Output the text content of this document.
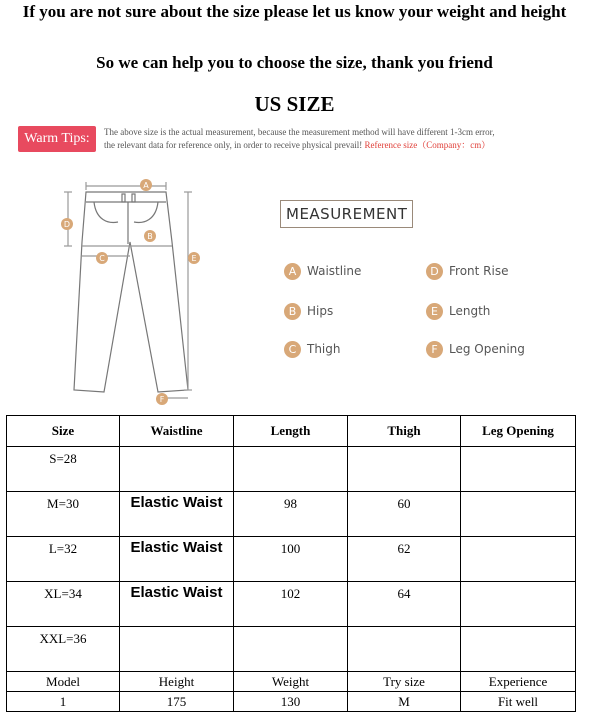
If you are not sure about the size please let us know your weight and height
So we can help you to choose the size, thank you friend
US SIZE
Warm Tips:	The above size is the actual measurement, because the measurement method will have different 1-3cm error,
the relevant data for reference only, in order to receive physical prevail! Reference size（Company：cm）
A
B
C
D
E
F
MEASUREMENT
A Waistline
B Hips
C Thigh
D Front Rise
E Length
F Leg Opening
Size	Waistline	Length	Thigh	Leg Opening
S=28				
M=30	Elastic Waist	98	60	
L=32	Elastic Waist	100	62	
XL=34	Elastic Waist	102	64	
XXL=36				
Model	Height	Weight	Try size	Experience
1	175	130	M	Fit well
